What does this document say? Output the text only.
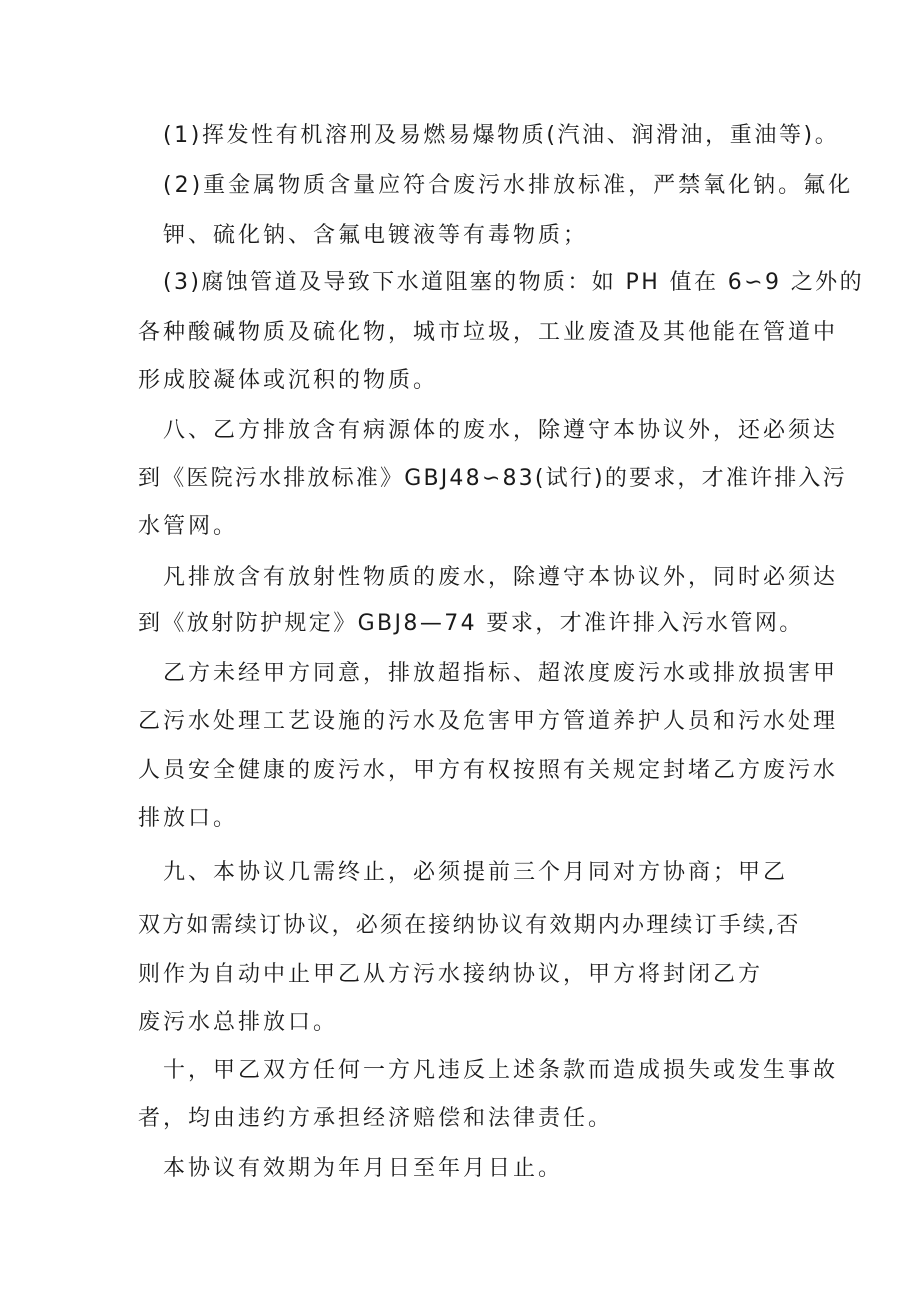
(1)挥发性有机溶刑及易燃易爆物质(汽油、润滑油，重油等)。
(2)重金属物质含量应符合废污水排放标准，严禁氧化钠。氟化
钾、硫化钠、含氟电镀液等有毒物质；
(3)腐蚀管道及导致下水道阻塞的物质：如 PH 值在 6∽9 之外的
各种酸碱物质及硫化物，城市垃圾，工业废渣及其他能在管道中
形成胶凝体或沉积的物质。
八、乙方排放含有病源体的废水，除遵守本协议外，还必须达
到《医院污水排放标准》GBJ48∽83(试行)的要求，才准许排入污
水管网。
凡排放含有放射性物质的废水，除遵守本协议外，同时必须达
到《放射防护规定》GBJ8—74 要求，才准许排入污水管网。
乙方未经甲方同意，排放超指标、超浓度废污水或排放损害甲
乙污水处理工艺设施的污水及危害甲方管道养护人员和污水处理
人员安全健康的废污水，甲方有权按照有关规定封堵乙方废污水
排放口。
九、本协议几需终止，必须提前三个月同对方协商；甲乙
双方如需续订协议，必须在接纳协议有效期内办理续订手续,否
则作为自动中止甲乙从方污水接纳协议，甲方将封闭乙方
废污水总排放口。
十，甲乙双方任何一方凡违反上述条款而造成损失或发生事故
者，均由违约方承担经济赔偿和法律责任。
本协议有效期为年月日至年月日止。
